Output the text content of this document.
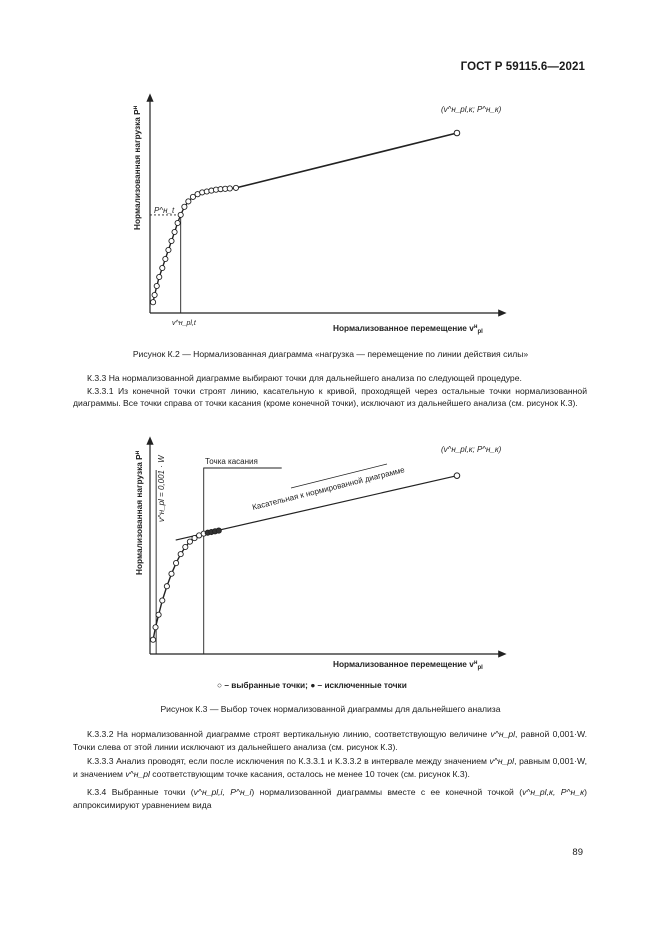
ГОСТ Р 59115.6—2021
Нормализованная нагрузка $P^н$
Нормализованное перемещение $v^н_{pl}$
(v^н_pl,к; P^н_к)
P^н_t
v^н_pl,t
Рисунок К.2 — Нормализованная диаграмма «нагрузка — перемещение по линии действия силы»

К.3.3 На нормализованной диаграмме выбирают точки для дальнейшего анализа по следующей процедуре.

К.3.3.1 Из конечной точки строят линию, касательную к кривой, проходящей через остальные точки нормализованной диаграммы. Все точки справа от точки касания (кроме конечной точки), исключают из дальнейшего анализа (см. рисунок К.3).

Нормализованная нагрузка $P^н$
v^н_pl = 0,001 · W
Нормализованное перемещение $v^н_{pl}$
Точка касания
Касательная к нормированной диаграмме
(v^н_pl,к; P^н_к)
○ – выбранные точки; ● – исключенные точки
Рисунок К.3 — Выбор точек нормализованной диаграммы для дальнейшего анализа

К.3.3.2 На нормализованной диаграмме строят вертикальную линию, соответствующую величине v^н_pl, равной 0,001·W. Точки слева от этой линии исключают из дальнейшего анализа (см. рисунок К.3).

К.3.3.3 Анализ проводят, если после исключения по К.3.3.1 и К.3.3.2 в интервале между значением v^н_pl, равным 0,001·W, и значением v^н_pl соответствующим точке касания, осталось не менее 10 точек (см. рисунок К.3).

К.3.4 Выбранные точки (v^н_pl,i, P^н_i) нормализованной диаграммы вместе с ее конечной точкой (v^н_pl,к, P^н_к) аппроксимируют уравнением вида

89
